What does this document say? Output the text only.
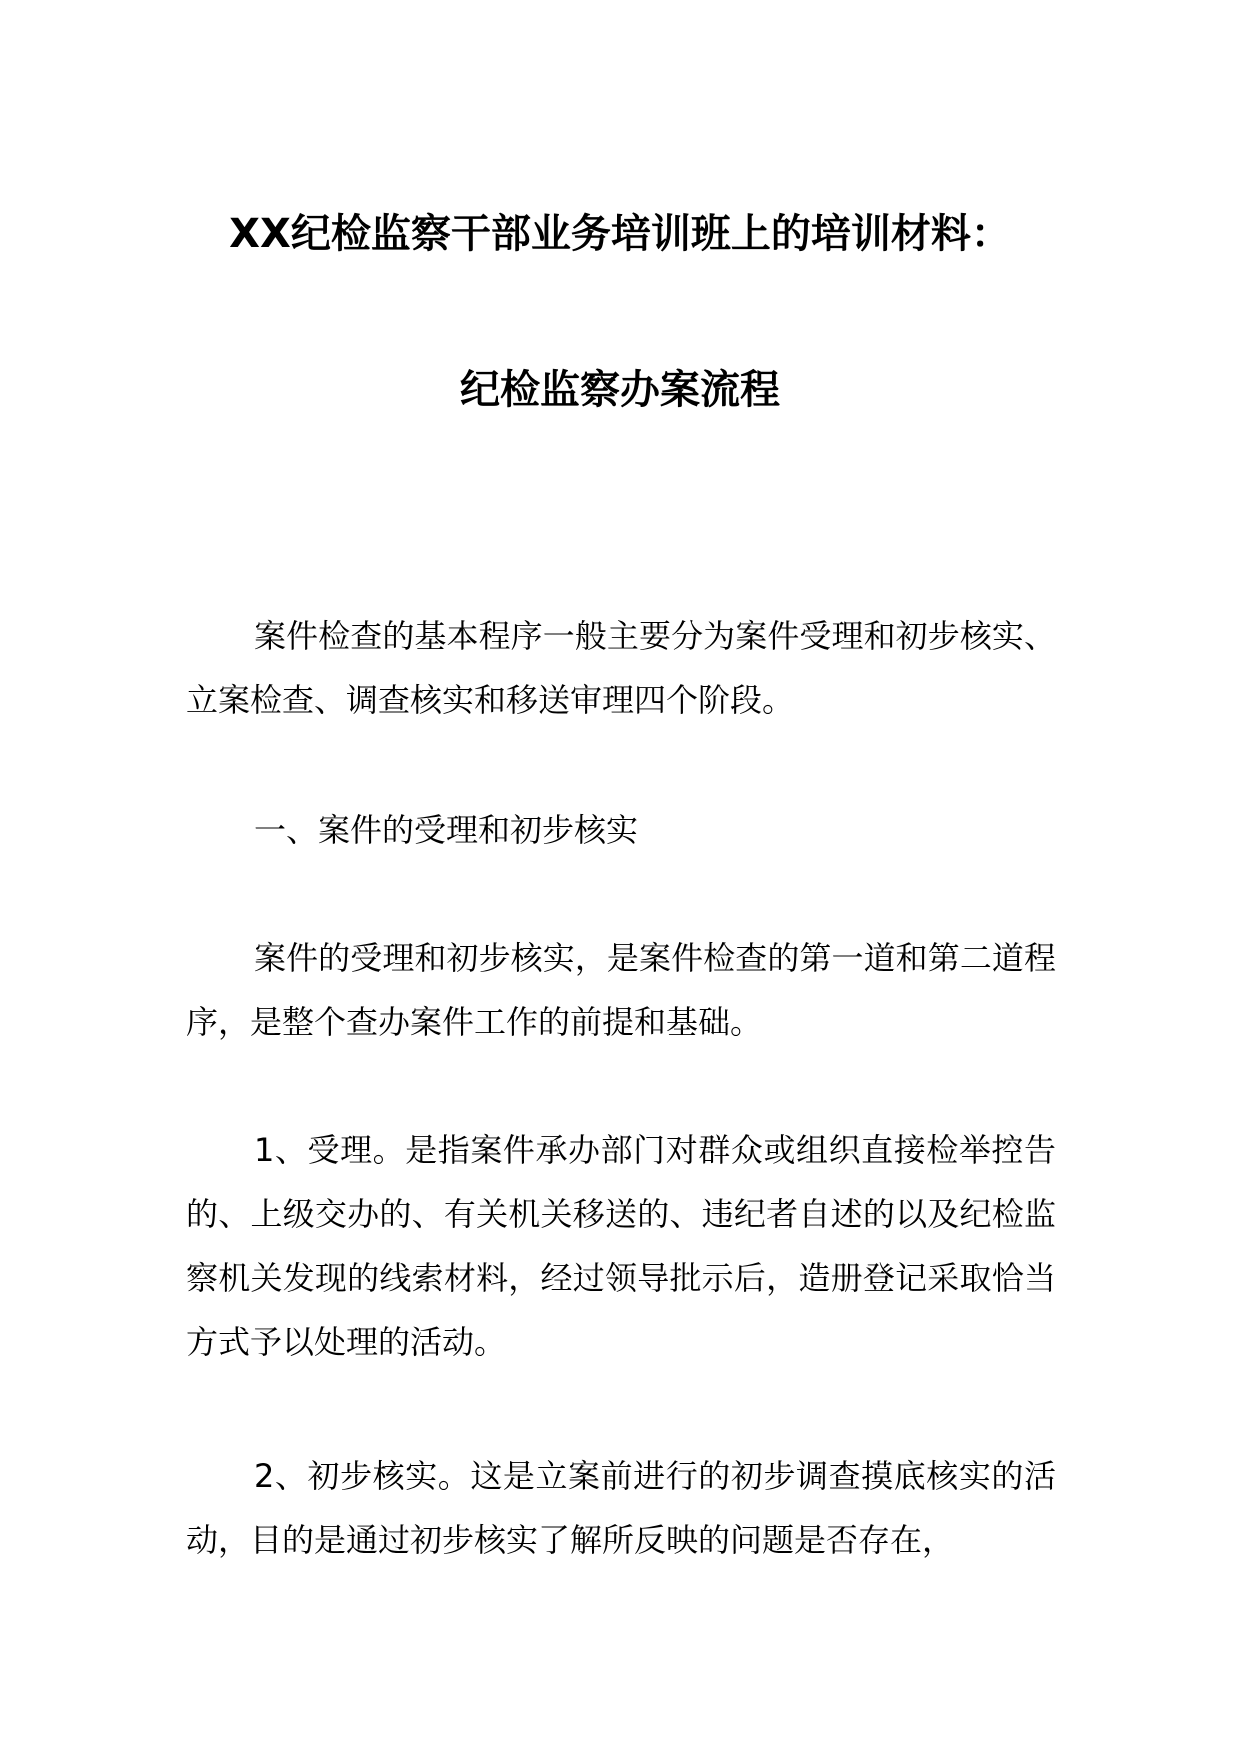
XX纪检监察干部业务培训班上的培训材料：
纪检监察办案流程
案件检查的基本程序一般主要分为案件受理和初步核实、立案检查、调查核实和移送审理四个阶段。
一、案件的受理和初步核实
案件的受理和初步核实，是案件检查的第一道和第二道程序，是整个查办案件工作的前提和基础。
1、受理。是指案件承办部门对群众或组织直接检举控告的、上级交办的、有关机关移送的、违纪者自述的以及纪检监察机关发现的线索材料，经过领导批示后，造册登记采取恰当方式予以处理的活动。
2、初步核实。这是立案前进行的初步调查摸底核实的活动，目的是通过初步核实了解所反映的问题是否存在，
